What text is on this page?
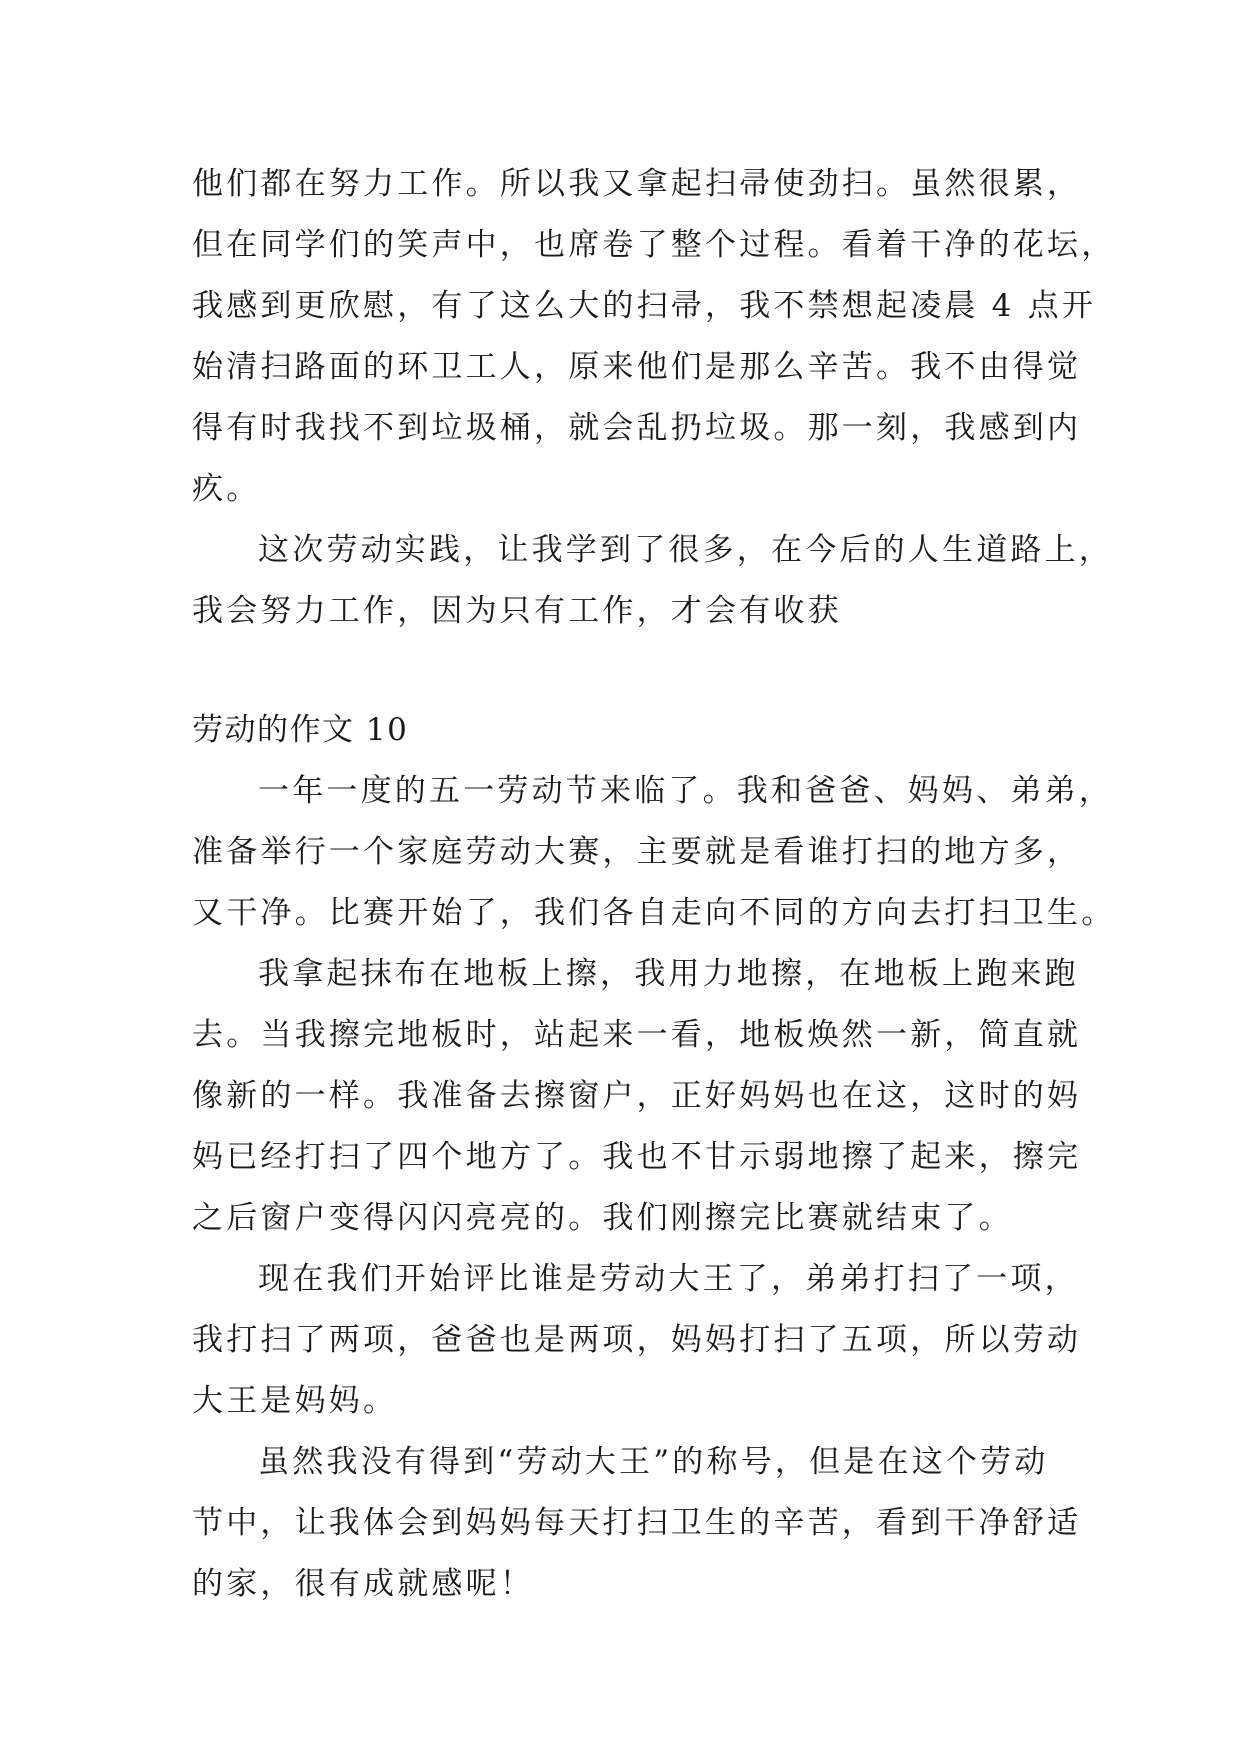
他们都在努力工作。所以我又拿起扫帚使劲扫。虽然很累，
但在同学们的笑声中，也席卷了整个过程。看着干净的花坛，
我感到更欣慰，有了这么大的扫帚，我不禁想起凌晨 4 点开
始清扫路面的环卫工人，原来他们是那么辛苦。我不由得觉
得有时我找不到垃圾桶，就会乱扔垃圾。那一刻，我感到内
疚。
这次劳动实践，让我学到了很多，在今后的人生道路上，
我会努力工作，因为只有工作，才会有收获
劳动的作文 10
一年一度的五一劳动节来临了。我和爸爸、妈妈、弟弟，
准备举行一个家庭劳动大赛，主要就是看谁打扫的地方多，
又干净。比赛开始了，我们各自走向不同的方向去打扫卫生。
我拿起抹布在地板上擦，我用力地擦，在地板上跑来跑
去。当我擦完地板时，站起来一看，地板焕然一新，简直就
像新的一样。我准备去擦窗户，正好妈妈也在这，这时的妈
妈已经打扫了四个地方了。我也不甘示弱地擦了起来，擦完
之后窗户变得闪闪亮亮的。我们刚擦完比赛就结束了。
现在我们开始评比谁是劳动大王了，弟弟打扫了一项，
我打扫了两项，爸爸也是两项，妈妈打扫了五项，所以劳动
大王是妈妈。
虽然我没有得到“劳动大王”的称号，但是在这个劳动
节中，让我体会到妈妈每天打扫卫生的辛苦，看到干净舒适
的家，很有成就感呢！
